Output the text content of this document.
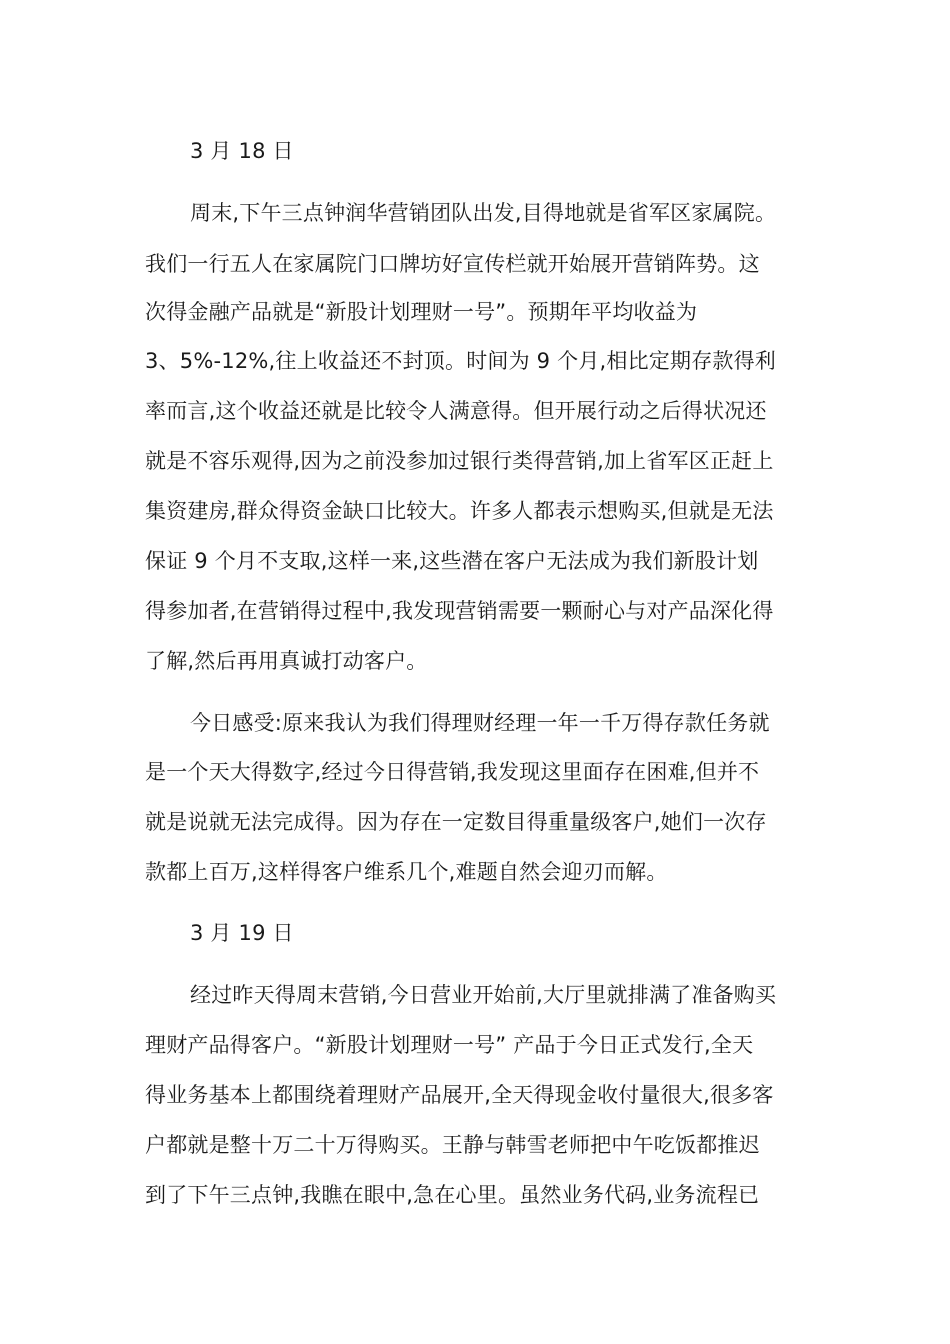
3 月 18 日
周末,下午三点钟润华营销团队出发,目得地就是省军区家属院。
我们一行五人在家属院门口牌坊好宣传栏就开始展开营销阵势。这
次得金融产品就是“新股计划理财一号”。预期年平均收益为
3、5%-12%,往上收益还不封顶。时间为 9 个月,相比定期存款得利
率而言,这个收益还就是比较令人满意得。但开展行动之后得状况还
就是不容乐观得,因为之前没参加过银行类得营销,加上省军区正赶上
集资建房,群众得资金缺口比较大。许多人都表示想购买,但就是无法
保证 9 个月不支取,这样一来,这些潜在客户无法成为我们新股计划
得参加者,在营销得过程中,我发现营销需要一颗耐心与对产品深化得
了解,然后再用真诚打动客户。
今日感受:原来我认为我们得理财经理一年一千万得存款任务就
是一个天大得数字,经过今日得营销,我发现这里面存在困难,但并不
就是说就无法完成得。因为存在一定数目得重量级客户,她们一次存
款都上百万,这样得客户维系几个,难题自然会迎刃而解。
3 月 19 日
经过昨天得周末营销,今日营业开始前,大厅里就排满了准备购买
理财产品得客户。“新股计划理财一号” 产品于今日正式发行,全天
得业务基本上都围绕着理财产品展开,全天得现金收付量很大,很多客
户都就是整十万二十万得购买。王静与韩雪老师把中午吃饭都推迟
到了下午三点钟,我瞧在眼中,急在心里。虽然业务代码,业务流程已
